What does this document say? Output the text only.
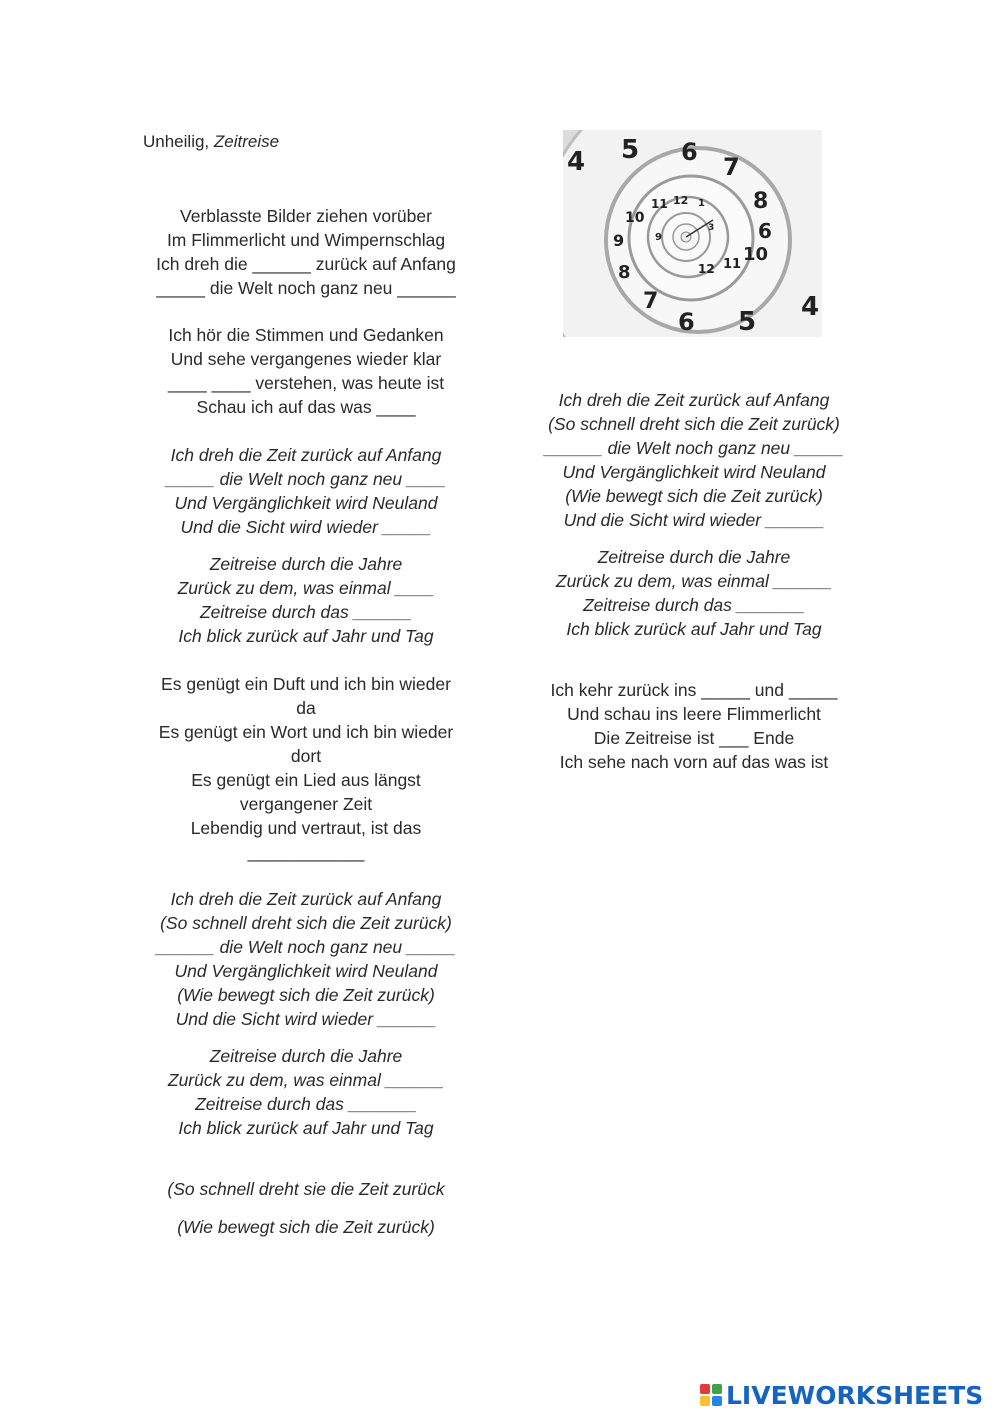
Unheilig, Zeitreise	5 6
7
8
6
10
4
6 5 4
7
8
9
10
11 12 1
11
12
9
3

Verblasste Bilder ziehen vorüber

Im Flimmerlicht und Wimpernschlag

Ich dreh die ______ zurück auf Anfang

_____ die Welt noch ganz neu ______

Ich hör die Stimmen und Gedanken

Und sehe vergangenes wieder klar

____ ____ verstehen, was heute ist

Schau ich auf das was ____

Ich dreh die Zeit zurück auf Anfang

_____ die Welt noch ganz neu ____

Und Vergänglichkeit wird Neuland

Und die Sicht wird wieder _____

Zeitreise durch die Jahre

Zurück zu dem, was einmal ____

Zeitreise durch das ______

Ich blick zurück auf Jahr und Tag

Es genügt ein Duft und ich bin wieder

da

Es genügt ein Wort und ich bin wieder

dort

Es genügt ein Lied aus längst

vergangener Zeit

Lebendig und vertraut, ist das

____________

Ich dreh die Zeit zurück auf Anfang

(So schnell dreht sich die Zeit zurück)

______ die Welt noch ganz neu _____

Und Vergänglichkeit wird Neuland

(Wie bewegt sich die Zeit zurück)

Und die Sicht wird wieder ______

Zeitreise durch die Jahre

Zurück zu dem, was einmal ______

Zeitreise durch das _______

Ich blick zurück auf Jahr und Tag

(So schnell dreht sie die Zeit zurück

(Wie bewegt sich die Zeit zurück)

Ich dreh die Zeit zurück auf Anfang

(So schnell dreht sich die Zeit zurück)

______ die Welt noch ganz neu _____

Und Vergänglichkeit wird Neuland

(Wie bewegt sich die Zeit zurück)

Und die Sicht wird wieder ______

Zeitreise durch die Jahre

Zurück zu dem, was einmal ______

Zeitreise durch das _______

Ich blick zurück auf Jahr und Tag

Ich kehr zurück ins _____ und _____

Und schau ins leere Flimmerlicht

Die Zeitreise ist ___ Ende

Ich sehe nach vorn auf das was ist

LIVEWORKSHEETS
